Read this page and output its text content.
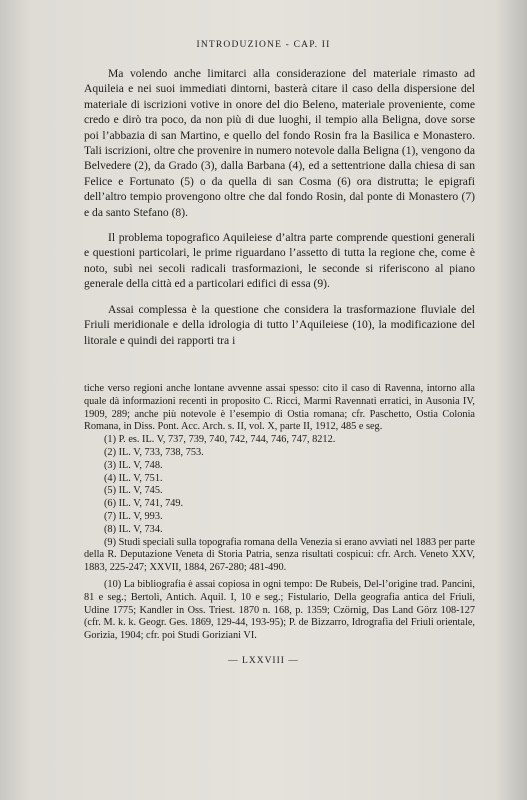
INTRODUZIONE - CAP. II

Ma volendo anche limitarci alla considerazione del materiale rimasto ad Aquileia e nei suoi immediati dintorni, basterà citare il caso della dispersione del materiale di iscrizioni votive in onore del dio Beleno, materiale proveniente, come credo e dirò tra poco, da non più di due luoghi, il tempio alla Beligna, dove sorse poi l’abbazia di san Martino, e quello del fondo Rosin fra la Basilica e Monastero. Tali iscrizioni, oltre che provenire in numero notevole dalla Beligna (1), vengono da Belvedere (2), da Grado (3), dalla Barbana (4), ed a settentrione dalla chiesa di san Felice e Fortunato (5) o da quella di san Cosma (6) ora distrutta; le epigrafi dell’altro tempio provengono oltre che dal fondo Rosin, dal ponte di Monastero (7) e da santo Stefano (8).

Il problema topografico Aquileiese d’altra parte comprende questioni generali e questioni particolari, le prime riguardano l’assetto di tutta la regione che, come è noto, subì nei secoli radicali trasformazioni, le seconde si riferiscono al piano generale della città ed a particolari edifici di essa (9).

Assai complessa è la questione che considera la trasformazione fluviale del Friuli meridionale e della idrologia di tutto l’Aquileiese (10), la modificazione del litorale e quindi dei rapporti tra i

tiche verso regioni anche lontane avvenne assai spesso: cito il caso di Ravenna, intorno alla quale dà informazioni recenti in proposito C. Ricci, Marmi Ravennati erratici, in Ausonia IV, 1909, 289; anche più notevole è l’esempio di Ostia romana; cfr. Paschetto, Ostia Colonia Romana, in Diss. Pont. Acc. Arch. s. II, vol. X, parte II, 1912, 485 e seg.

(1) P. es. IL. V, 737, 739, 740, 742, 744, 746, 747, 8212.

(2) IL. V, 733, 738, 753.

(3) IL. V, 748.

(4) IL. V, 751.

(5) IL. V, 745.

(6) IL. V, 741, 749.

(7) IL. V, 993.

(8) IL. V, 734.

(9) Studi speciali sulla topografia romana della Venezia si erano avviati nel 1883 per parte della R. Deputazione Veneta di Storia Patria, senza risultati cospicui: cfr. Arch. Veneto XXV, 1883, 225-247; XXVII, 1884, 267-280; 481-490.

(10) La bibliografia è assai copiosa in ogni tempo: De Rubeis, Del-l’origine trad. Pancini, 81 e seg.; Bertoli, Antich. Aquil. I, 10 e seg.; Fistulario, Della geografia antica del Friuli, Udine 1775; Kandler in Oss. Triest. 1870 n. 168, p. 1359; Czörnig, Das Land Görz 108-127 (cfr. M. k. k. Geogr. Ges. 1869, 129-44, 193-95); P. de Bizzarro, Idrografia del Friuli orientale, Gorizia, 1904; cfr. poi Studi Goriziani VI.

— LXXVIII —
